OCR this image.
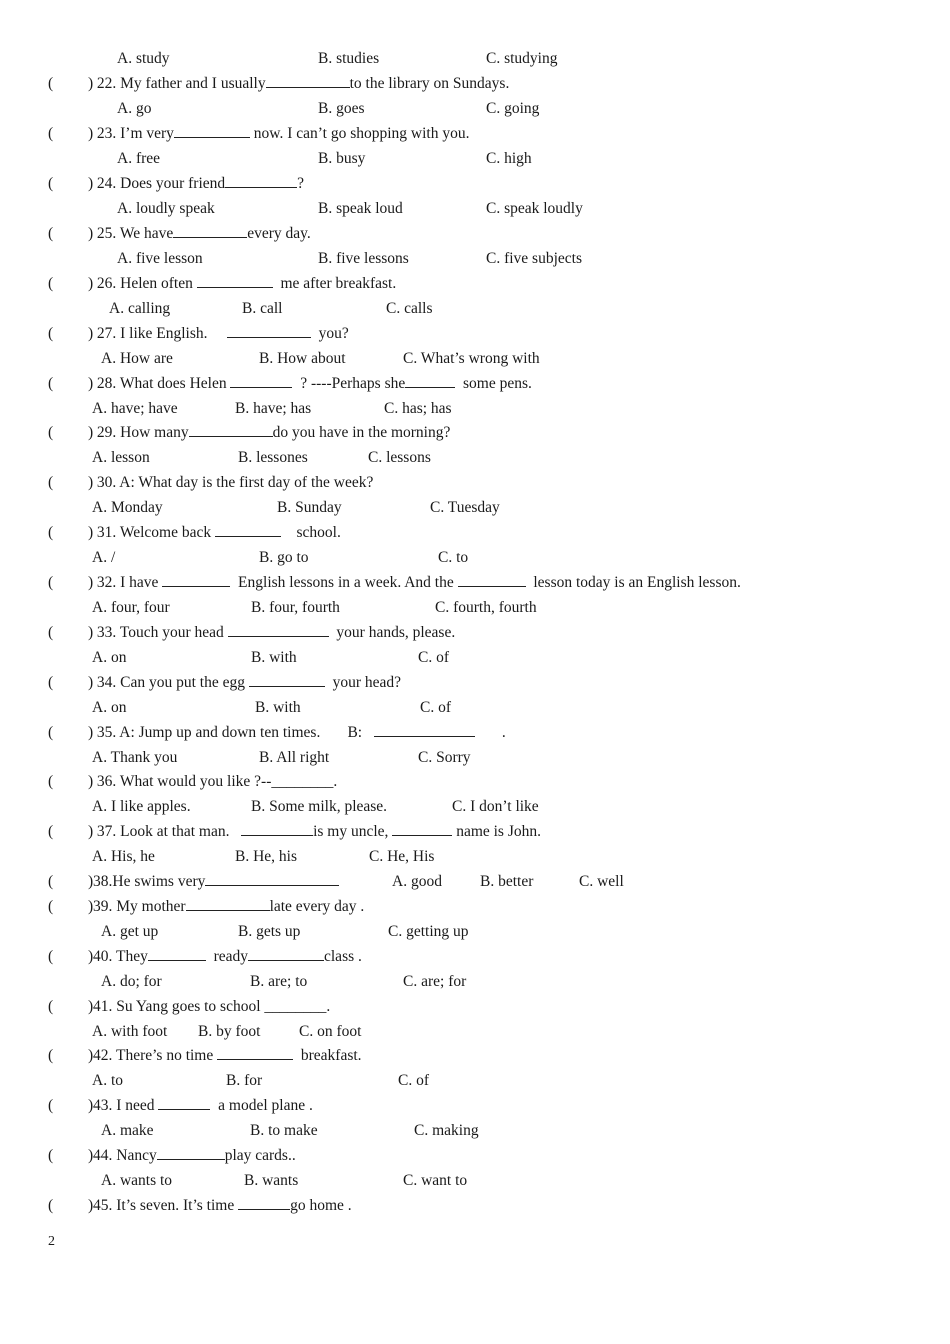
A. study	B. studies	C. studying
( ) 22. My father and I usually	to the library on Sundays.
A. go	B. goes	C. going
( ) 23. I’m very	now. I can’t go shopping with you.
A. free	B. busy	C. high
( ) 24. Does your friend	?
A. loudly speak	B. speak loud	C. speak loudly
( ) 25. We have	every day.
A. five lesson	B. five lessons	C. five subjects
( ) 26. Helen often	me after breakfast.
A. calling	B. call	C. calls
( ) 27. I like English.	you?
A. How are	B. How about	C. What’s wrong with
( ) 28. What does Helen	? ----Perhaps she	some pens.
A. have; have	B. have; has	C. has; has
( ) 29. How many	do you have in the morning?
A. lesson	B. lessones	C. lessons
( ) 30. A: What day is the first day of the week?
A. Monday	B. Sunday	C. Tuesday
( ) 31. Welcome back	school.
A. /	B. go to	C. to
( ) 32. I have	English lessons in a week. And the	lesson today is an English lesson.
A. four, four	B. four, fourth	C. fourth, fourth
( ) 33. Touch your head	your hands, please.
A. on	B. with	C. of
( ) 34. Can you put the egg	your head?
A. on	B. with	C. of
( ) 35. A: Jump up and down ten times.       B:	.
A. Thank you	B. All right	C. Sorry
( ) 36. What would you like ?--________.
A. I like apples.	B. Some milk, please.	C. I don’t like
( ) 37. Look at that man.	is my uncle,	name is John.
A. His, he	B. He, his	C. He, His
( ) 38.He swims very	A. good B. better	C. well
( ) 39. My mother	late every day .
A. get up	B. gets up	C. getting up
( ) 40. They	ready	class .
A. do; for	B. are; to	C. are; for
( ) 41. Su Yang goes to school ________.
A. with foot B. by foot C. on foot
( ) 42. There’s no time	breakfast.
A. to	B. for	C. of
( ) 43. I need	a model plane .
A. make	B. to make	C. making
( ) 44. Nancy	play cards..
A. wants to	B. wants	C. want to
( ) 45. It’s seven. It’s time	go home .
2
